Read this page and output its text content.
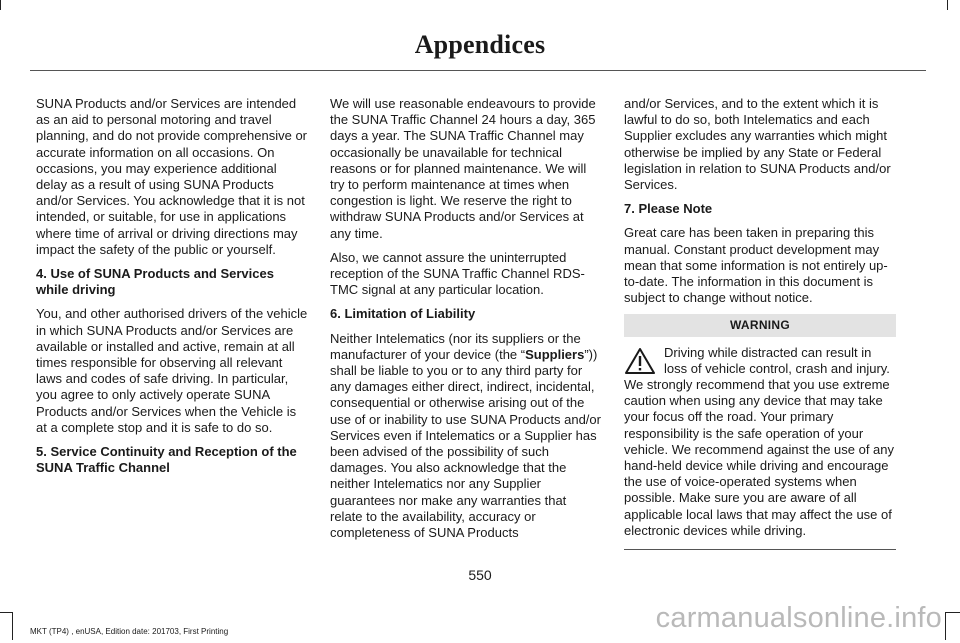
Appendices

SUNA Products and/or Services are intended as an aid to personal motoring and travel planning, and do not provide comprehensive or accurate information on all occasions. On occasions, you may experience additional delay as a result of using SUNA Products and/or Services. You acknowledge that it is not intended, or suitable, for use in applications where time of arrival or driving directions may impact the safety of the public or yourself.

4. Use of SUNA Products and Services while driving

You, and other authorised drivers of the vehicle in which SUNA Products and/or Services are available or installed and active, remain at all times responsible for observing all relevant laws and codes of safe driving. In particular, you agree to only actively operate SUNA Products and/or Services when the Vehicle is at a complete stop and it is safe to do so.

5. Service Continuity and Reception of the SUNA Traffic Channel

We will use reasonable endeavours to provide the SUNA Traffic Channel 24 hours a day, 365 days a year. The SUNA Traffic Channel may occasionally be unavailable for technical reasons or for planned maintenance. We will try to perform maintenance at times when congestion is light. We reserve the right to withdraw SUNA Products and/or Services at any time.

Also, we cannot assure the uninterrupted reception of the SUNA Traffic Channel RDS-TMC signal at any particular location.

6. Limitation of Liability

Neither Intelematics (nor its suppliers or the manufacturer of your device (the “Suppliers”)) shall be liable to you or to any third party for any damages either direct, indirect, incidental, consequential or otherwise arising out of the use of or inability to use SUNA Products and/or Services even if Intelematics or a Supplier has been advised of the possibility of such damages. You also acknowledge that the neither Intelematics nor any Supplier guarantees nor make any warranties that relate to the availability, accuracy or completeness of SUNA Products

and/or Services, and to the extent which it is lawful to do so, both Intelematics and each Supplier excludes any warranties which might otherwise be implied by any State or Federal legislation in relation to SUNA Products and/or Services.

7. Please Note

Great care has been taken in preparing this manual. Constant product development may mean that some information is not entirely up-to-date. The information in this document is subject to change without notice.

WARNING

Driving while distracted can result in loss of vehicle control, crash and injury. We strongly recommend that you use extreme caution when using any device that may take your focus off the road. Your primary responsibility is the safe operation of your vehicle. We recommend against the use of any hand-held device while driving and encourage the use of voice-operated systems when possible. Make sure you are aware of all applicable local laws that may affect the use of electronic devices while driving.

550
MKT (TP4) , enUSA, Edition date: 201703, First Printing	carmanualsonline.info
